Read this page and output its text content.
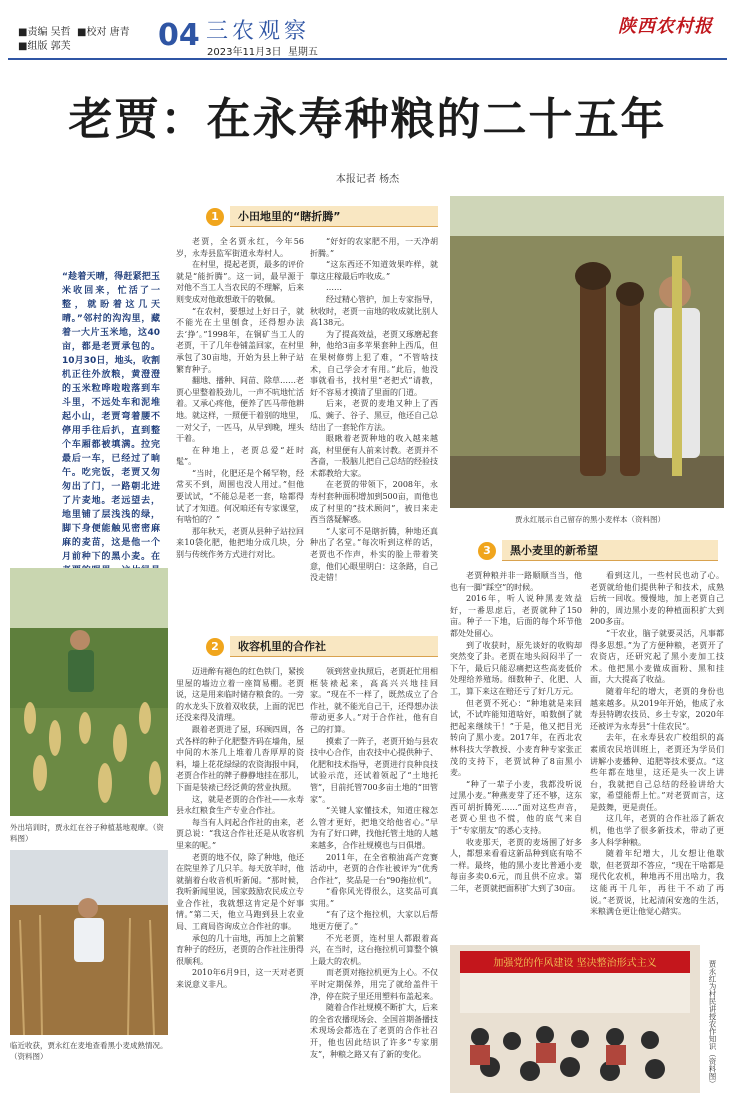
■责编 吴哲 ■校对 唐青
■组版 郭芙	04 三农观察
2023年11月3日 星期五
陕西农村报
老贾：在永寿种粮的二十五年
本报记者 杨杰
“趁着天晴，得赶紧把玉米收回来，忙活了一整，就盼着这几天晴。”邻村的沟沟里，藏着一大片玉米地，这40亩，都是老贾承包的。10月30日，地头，收割机正往外放粮，黄澄澄的玉米粒哗啦啦落到车斗里，不远处车和泥堆起小山，老贾弯着腰不停用手往后扒，直到整个车厢都被填满。拉完最后一车，已经过了晌午。吃完饭，老贾又匆匆出了门，一路朝北进了片麦地。老远望去，地里铺了层浅浅的绿，脚下身便能触见密密麻麻的麦苗，这是他一个月前种下的黑小麦。在
外出培训时，贾永红在谷子种植基地观摩。（资料图）
临近收获，贾永红在麦地查看黑小麦成熟情况。（资料图）
1	小田地里的“瞎折腾”

老贾，全名贾永红，今年56岁，永寿县监军街道永寿村人。

在村里，提起老贾，最多的评价就是“能折腾”。这一词，最早源于对他不当工人当农民的不理解，后来则变成对他敢想敢干的敬佩。

“在农村，要想过上好日子，就不能光在土里刨食，还得想办法去‘挣’。”1998年，在铜矿当工人的老贾，干了几年卷铺盖回家，在村里承包了30亩地，开始为县上种子站繁育种子。

翻地、播种、间苗、除草……老贾心里整着股劲儿，一声不吭地忙活着。又承心疼他，便养了匹马带他耕地。就这样，一照便干着别的地里，一对父子，一匹马，从早到晚，埋头干着。

在种地上，老贾总爱“赶时髦”。

“当时，化肥还是个稀罕物，经常买不到，周围也没人用过。”但他要试试，“不能总是老一套，啥都得试了才知道。何况咱还有专家课堂，有啥怕的？”

那年秋天，老贾从县种子站拉回来10袋化肥，他把地分成几块，分别与传统作务方式进行对比。

“好好的农家肥不用，一天净胡折腾。”

“这东西还不知道效果咋样，就靠这庄稼最后咋收成。”

……

经过精心管护，加上专家指导，秋收时，老贾一亩地的收成就比别人高138元。

为了提高效益，老贾又琢磨起套种，他给3亩多苹果套种上西瓜，但在果树修剪上犯了难，“不管啥技术，自己学会才有用。”此后，他没事就看书，找村里“老把式”请教，好不容易才摸清了里面的门道。

后来，老贾的麦地又种上了西瓜、豌子、谷子、黑豆，他还自己总结出了一套轮作方法。

眼瞅着老贾种地的收入越来越高，村里便有人前来讨教。老贾并不吝啬，一股脑儿把自己总结的经验技术都教给大家。

在老贾的带领下，2008年，永寿村套种面积增加到500亩，而他也成了村里的“技术顾问”，被日来走西当落疑解惑。

“人家可不是瞎折腾，种地还真种出了名堂。”每次听到这样的话，老贾也不作声，朴实的脸上带着笑意，他们心眼里明白：这条路，自己没走错！

2	收容机里的合作社

迈进醉有褪色的红色铁门，紧挨里屋的墙边立着一座简易棚。老贾说，这是用来临时储存粮食的。一旁的水龙头下放着双收获，上面的泥巴还没来得及清理。

跟着老贾进了屋，环顾四周，各式各样的种子化肥整齐码在墙角，屋中间的木茶几上堆着几沓厚厚的资料，墙上花花绿绿的农资海报中间，老贾合作社的牌子静静地挂在那儿，下面是装裱已经泛黄的营业执照。

这，就是老贾的合作社——永寿县永红粮食生产专业合作社。

每当有人问起合作社的由来，老贾总说：“我这合作社还是从收容机里来的呢。”

老贾的地不仅，除了种地，他还在院里养了几只羊。每天放羊时，他就揣着台收音机听新闻。“那时候，我听新闻里说，国家鼓励农民成立专业合作社，我就想这肯定是个好事情。”第二天，他立马跑到县上农业局、工商局咨询成立合作社的事。

承包的几十亩地，再加上之前繁育种子的经历，老贾的合作社注册得很顺利。

2010年6月9日，这一天对老贾来说意义非凡。

领到营业执照后，老贾赶忙用相框装裱起来，高高兴兴地挂回家。“现在不一样了，既然成立了合作社，就不能光自己干，还得想办法带动更多人。”对于合作社，他有自己的打算。

摸索了一阵子，老贾开始与县农技中心合作，由农技中心提供种子、化肥和技术指导，老贾进行良种良技试验示范，还试着领起了“土地托管”，目前托管700多亩土地的“田管家”。

“关键人家懂技术，知道庄稼怎么管才更好，把地交给他省心。”早为有了好口碑，找他托管土地的人越来越多，合作社规模也与日俱增。

2011年，在全省粮油高产竞赛活动中，老贾的合作社被评为“优秀合作社”，奖品是一台“90拖拉机”。

“看你风光得很么，这奖品可真实用。”

“有了这个拖拉机，大家以后帮地更方便了。”

不光老贾，连村里人都跟着高兴，在当时，这台拖拉机可算整个镇上最大的农机。

而老贾对拖拉机更为上心。不仅平时定期保养，用完了就给盖件干净，停在院子里还用塑料布盖起来。

随着合作社规模不断扩大，后来的全省农播现场会、全国首期备播技术现场会都选在了老贾的合作社召开，他也因此结识了许多“专家朋友”，种粮之路又有了新的变化。

贾永红展示自己留存的黑小麦样本（资料图）
3	黑小麦里的新希望

老贾种粮并非一路顺顺当当，他也有一脚“踩空”的时候。

2016年，听人说种黑麦效益好，一番思虑后，老贾就种了150亩。种子一下地，后面的每个环节他都处处留心。

到了收获时，原先谈好的收购却突然变了卦。老贾在地头闷闷半了一下午，最后只能忍痛把这些高麦低价处理给养殖场。细数种子、化肥、人工，算下来这在赔还亏了好几万元。

但老贾不死心：“种地就是来回试，不试咋能知道啥好，咱数倒了就把起来继续干！”于是，他又把目光转向了黑小麦。2017年，在西北农林科技大学教授、小麦育种专家张正茂的支持下，老贾试种了8亩黑小麦。

“种了一辈子小麦，我都没听说过黑小麦。”种燕麦芽了还不够，这东西可胡折腾死……”面对这些声音，老贾心里也不慌，他的底气来自于“专家朋友”的悉心支持。

收麦那天，老贾的麦场围了好多人，都想来看看这新品种到底有啥不一样。最终，他的黑小麦比普通小麦每亩多卖0.6元，而且供不应求。第二年，老贾就把面积扩大到了30亩。

看到这儿，一些村民也动了心。老贾就给他们提供种子和技术，成熟后统一回收。慢慢地，加上老贾自己种的，周边黑小麦的种植面积扩大到200多亩。

“干农业，脑子就要灵活，凡事都得多思想。”为了方便种粮，老贾开了农资店，还研究起了黑小麦加工技术。他把黑小麦做成面粉、黑和挂面，大大提高了收益。

随着年纪的增大，老贾的身份也越来越多。从2019年开始，他成了永寿县特聘农技员、乡土专家，2020年还被评为永寿县“十佳农民”。

去年，在永寿县农广校组织的高素质农民培训班上，老贾还为学员们讲解小麦播种、追肥等技术要点。“这些年都在地里，这还是头一次上讲台，我就把自己总结的经验讲给大家，希望能帮上忙。”对老贾而言，这是鼓舞，更是责任。

这几年，老贾的合作社添了新农机，他也学了很多新技术，带动了更多人科学种粮。

随着年纪增大，儿女想让他歇歇，但老贾却不答应，“现在干啥都是现代化农机，种地再不用出啥力，我这能再干几年，再往干不动了再说。”老贾说，比起清闲安逸的生活，米粮满仓更让他觉心踏实。

加强党的作风建设 坚决整治形式主义	贾永红为村民讲授农作知识（资料图）
